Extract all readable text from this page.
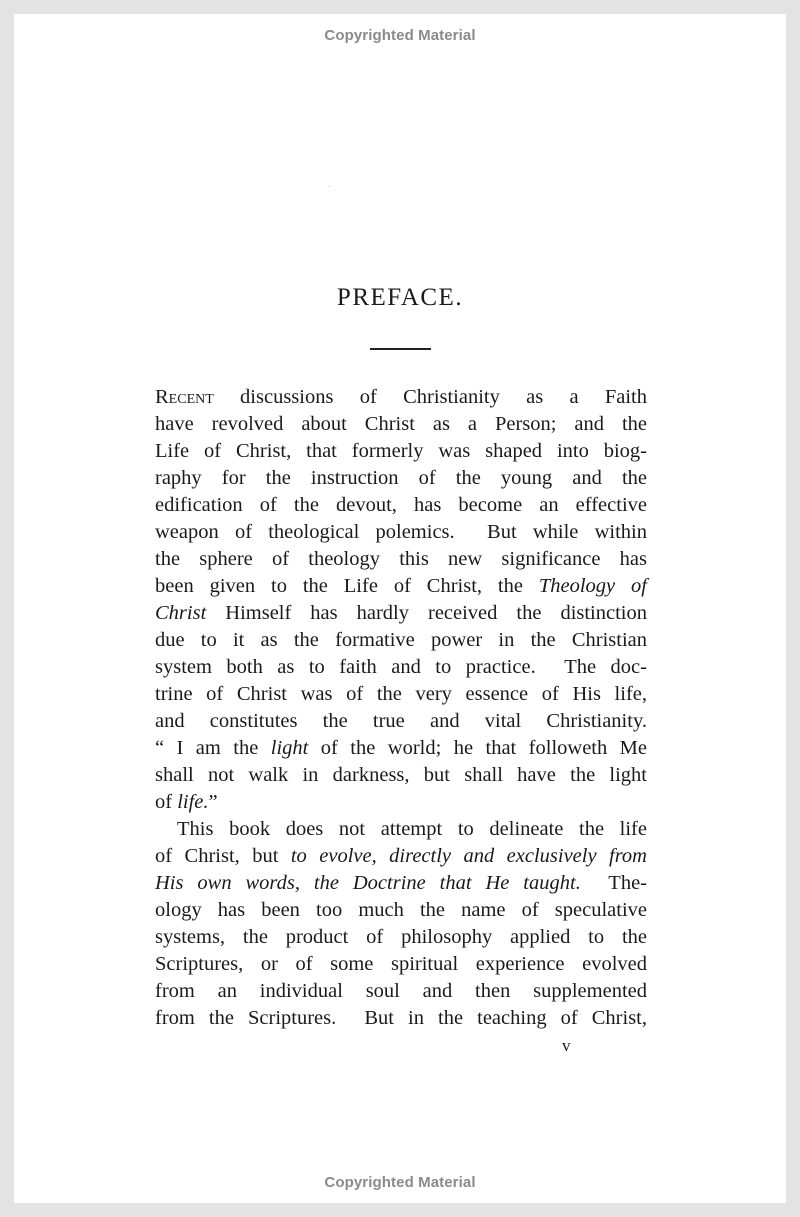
Copyrighted Material
PREFACE.
Recent discussions of Christianity as a Faith
have revolved about Christ as a Person; and the
Life of Christ, that formerly was shaped into biog-
raphy for the instruction of the young and the
edification of the devout, has become an effective
weapon of theological polemics.  But while within
the sphere of theology this new significance has
been given to the Life of Christ, the Theology of
Christ Himself has hardly received the distinction
due to it as the formative power in the Christian
system both as to faith and to practice.  The doc-
trine of Christ was of the very essence of His life,
and constitutes the true and vital Christianity.
“ I am the light of the world; he that followeth Me
shall not walk in darkness, but shall have the light
of life.”
This book does not attempt to delineate the life
of Christ, but to evolve, directly and exclusively from
His own words, the Doctrine that He taught.  The-
ology has been too much the name of speculative
systems, the product of philosophy applied to the
Scriptures, or of some spiritual experience evolved
from an individual soul and then supplemented
from the Scriptures.  But in the teaching of Christ,
v
Copyrighted Material
